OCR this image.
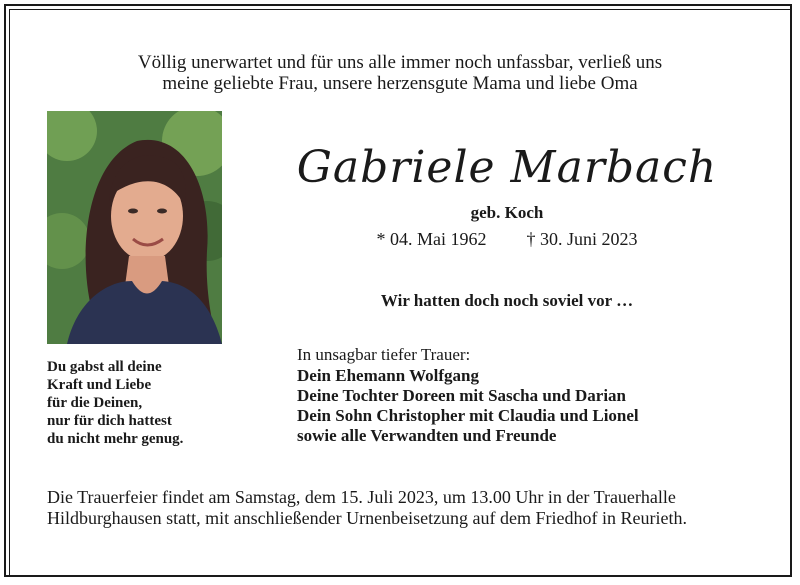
Völlig unerwartet und für uns alle immer noch unfassbar, verließ uns
meine geliebte Frau, unsere herzensgute Mama und liebe Oma
Du gabst all deine
Kraft und Liebe
für die Deinen,
nur für dich hattest
du nicht mehr genug.
Gabriele Marbach
geb. Koch
* 04. Mai 1962 † 30. Juni 2023
Wir hatten doch noch soviel vor …
In unsagbar tiefer Trauer:
Dein Ehemann Wolfgang
Deine Tochter Doreen mit Sascha und Darian
Dein Sohn Christopher mit Claudia und Lionel
sowie alle Verwandten und Freunde
Die Trauerfeier findet am Samstag, dem 15. Juli 2023, um 13.00 Uhr in der Trauerhalle
Hildburghausen statt, mit anschließender Urnenbeisetzung auf dem Friedhof in Reurieth.
